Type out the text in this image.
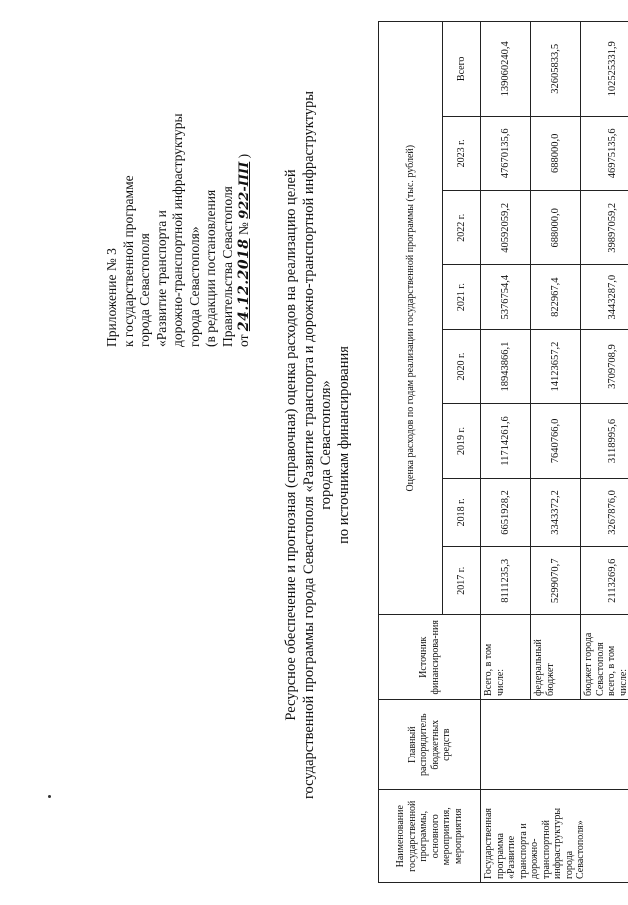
Приложение № 3 к государственной программе города Севастополя «Развитие транспорта и дорожно-транспортной инфраструктуры города Севастополя» (в редакции постановления Правительства Севастополя от 24.12.2018 № 922-ПП )
Ресурсное обеспечение и прогнозная (справочная) оценка расходов на реализацию целей государственной программы города Севастополя «Развитие транспорта и дорожно-транспортной инфраструктуры города Севастополя» по источникам финансирования
Наименование государственной программы, основного мероприятия, мероприятия	Главный распорядитель бюджетных средств	Источник финансирова-ния	Оценка расходов по годам реализации государственной программы (тыс. рублей)							
			2017 г.	2018 г.	2019 г.	2020 г.	2021 г.	2022 г.	2023 г.	Всего
Государственная программа «Развитие транспорта и дорожно-транспортной инфраструктуры города Севастополя»		Всего, в том числе:	8111235,3	6651928,2	11714261,6	18943866,1	5376754,4	40592059,2	47670135,6	139060240,4
		федеральный бюджет	5299070,7	3343372,2	7640766,0	14123657,2	822967,4	688000,0	688000,0	32605833,5
		бюджет города Севастополя всего, в том числе:	2113269,6	3267876,0	3118995,6	3709708,9	3443287,0	39897059,2	46975135,6	102525331,9
